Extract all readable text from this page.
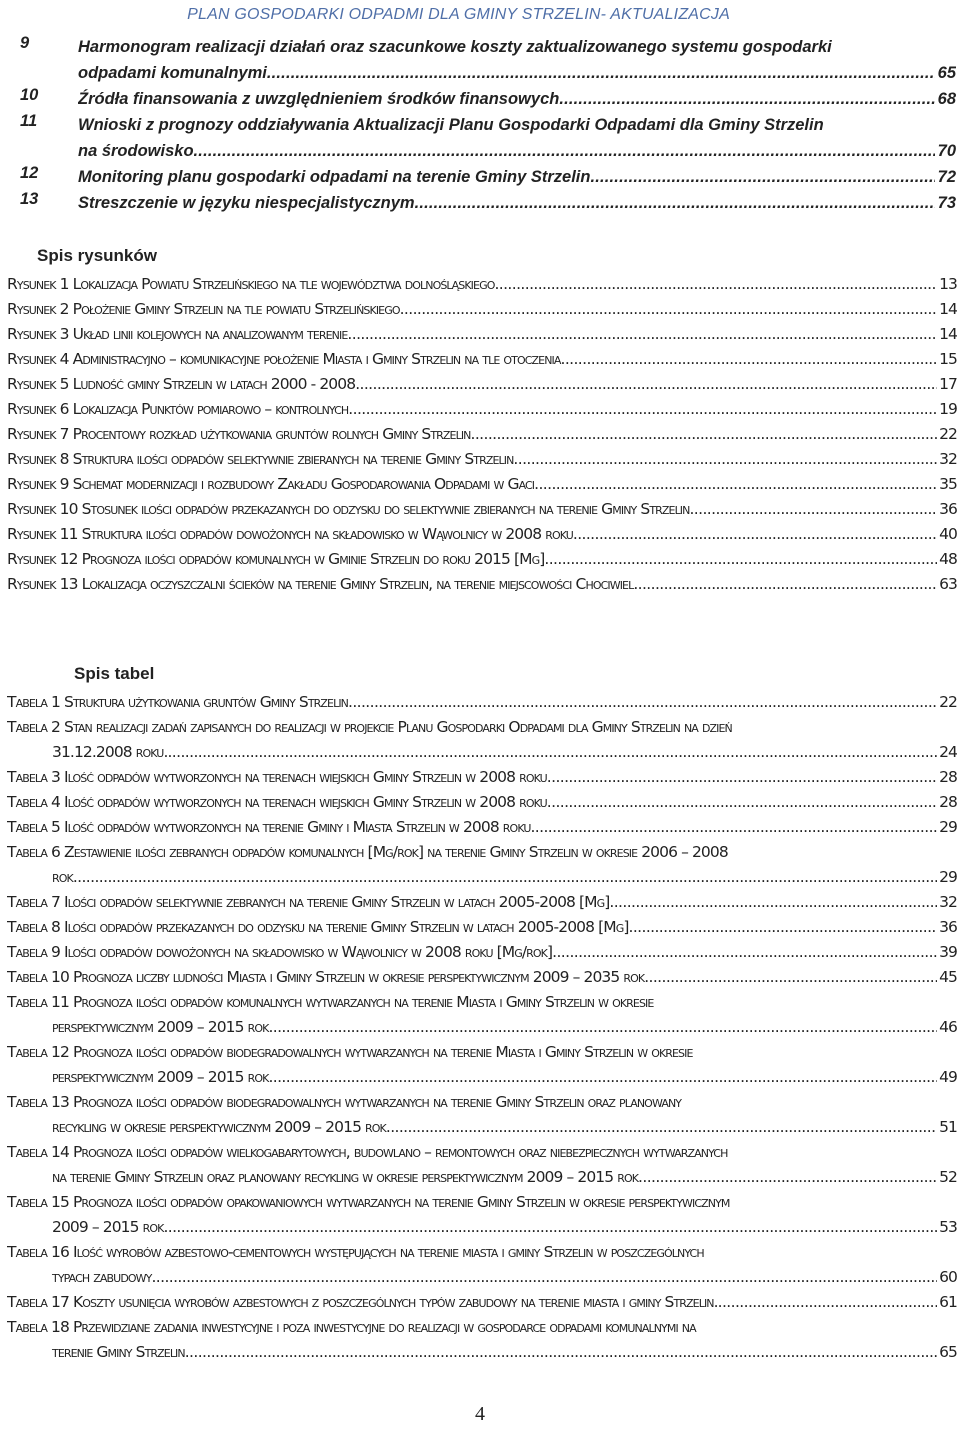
PLAN GOSPODARKI ODPADMI DLA GMINY STRZELIN- AKTUALIZACJA
9	Harmonogram realizacji działań oraz szacunkowe koszty zaktualizowanego systemu gospodarki
odpadami komunalnymi . . .	65
10	Źródła finansowania z uwzględnieniem środków finansowych . . .	68
11	Wnioski z prognozy oddziaływania Aktualizacji Planu Gospodarki Odpadami dla Gminy Strzelin
na środowisko . . .	70
12	Monitoring planu gospodarki odpadami na terenie Gminy Strzelin . . .	72
13	Streszczenie w języku niespecjalistycznym . . .	73
Spis rysunków
Rysunek 1 Lokalizacja Powiatu Strzelińskiego na tle województwa dolnośląskiego .....	13
Rysunek 2 Położenie Gminy Strzelin na tle powiatu Strzelińskiego .....	14
Rysunek 3 Układ linii kolejowych na analizowanym terenie .....	14
Rysunek 4 Administracyjno – komunikacyjne położenie Miasta i Gminy Strzelin na tle otoczenia .....	15
Rysunek 5 Ludność gminy Strzelin w latach 2000 - 2008 .....	17
Rysunek 6 Lokalizacja Punktów pomiarowo – kontrolnych .....	19
Rysunek 7 Procentowy rozkład użytkowania gruntów rolnych Gminy Strzelin .....	22
Rysunek 8 Struktura ilości odpadów selektywnie zbieranych na terenie Gminy Strzelin .....	32
Rysunek 9 Schemat modernizacji i rozbudowy Zakładu Gospodarowania Odpadami w Gaci .....	35
Rysunek 10 Stosunek ilości odpadów przekazanych do odzysku do selektywnie zbieranych na terenie Gminy Strzelin .....	36
Rysunek 11 Struktura ilości odpadów dowożonych na składowisko w Wąwolnicy w 2008 roku .....	40
Rysunek 12 Prognoza ilości odpadów komunalnych w Gminie Strzelin do roku 2015 [Mg] .....	48
Rysunek 13 Lokalizacja oczyszczalni ścieków na terenie Gminy Strzelin, na terenie miejscowości Chociwiel .....	63
Spis tabel
Tabela 1 Struktura użytkowania gruntów Gminy Strzelin .....	22
Tabela 2 Stan realizacji zadań zapisanych do realizacji w projekcie Planu Gospodarki Odpadami dla Gminy Strzelin na dzień
31.12.2008 roku. .....	24
Tabela 3 Ilość odpadów wytworzonych na terenach wiejskich Gminy Strzelin w 2008 roku .....	28
Tabela 4 Ilość odpadów wytworzonych na terenach wiejskich Gminy Strzelin w 2008 roku .....	28
Tabela 5 Ilość odpadów wytworzonych na terenie Gminy i Miasta Strzelin w 2008 roku .....	29
Tabela 6 Zestawienie ilości zebranych odpadów komunalnych [Mg/rok] na terenie Gminy Strzelin w okresie 2006 – 2008
rok .....	29
Tabela 7 Ilości odpadów selektywnie zebranych na terenie Gminy Strzelin w latach 2005-2008 [Mg] .....	32
Tabela 8 Ilości odpadów przekazanych do odzysku na terenie Gminy Strzelin w latach 2005-2008 [Mg] .....	36
Tabela 9 Ilości odpadów dowożonych na składowisko w Wąwolnicy w 2008 roku [Mg/rok] .....	39
Tabela 10 Prognoza liczby ludności Miasta i Gminy Strzelin w okresie perspektywicznym 2009 – 2035 rok .....	45
Tabela 11 Prognoza ilości odpadów komunalnych wytwarzanych na terenie Miasta i Gminy Strzelin w okresie
perspektywicznym 2009 – 2015 rok .....	46
Tabela 12 Prognoza ilości odpadów biodegradowalnych wytwarzanych na terenie Miasta i Gminy Strzelin w okresie
perspektywicznym 2009 – 2015 rok .....	49
Tabela 13 Prognoza ilości odpadów biodegradowalnych wytwarzanych na terenie Gminy Strzelin oraz planowany
recykling w okresie perspektywicznym 2009 – 2015 rok .....	51
Tabela 14 Prognoza ilości odpadów wielkogabarytowych, budowlano – remontowych oraz niebezpiecznych wytwarzanych
na terenie Gminy Strzelin oraz planowany recykling w okresie perspektywicznym 2009 – 2015 rok .....	52
Tabela 15 Prognoza ilości odpadów opakowaniowych wytwarzanych na terenie Gminy Strzelin w okresie perspektywicznym
2009 – 2015 rok .....	53
Tabela 16 Ilość wyrobów azbestowo-cementowych występujących na terenie miasta i gminy Strzelin w poszczególnych
typach zabudowy .....	60
Tabela 17 Koszty usunięcia wyrobów azbestowych z poszczególnych typów zabudowy na terenie miasta i gminy Strzelin. .....	61
Tabela 18 Przewidziane zadania inwestycyjne i poza inwestycyjne do realizacji w gospodarce odpadami komunalnymi na
terenie Gminy Strzelin .....	65
4
